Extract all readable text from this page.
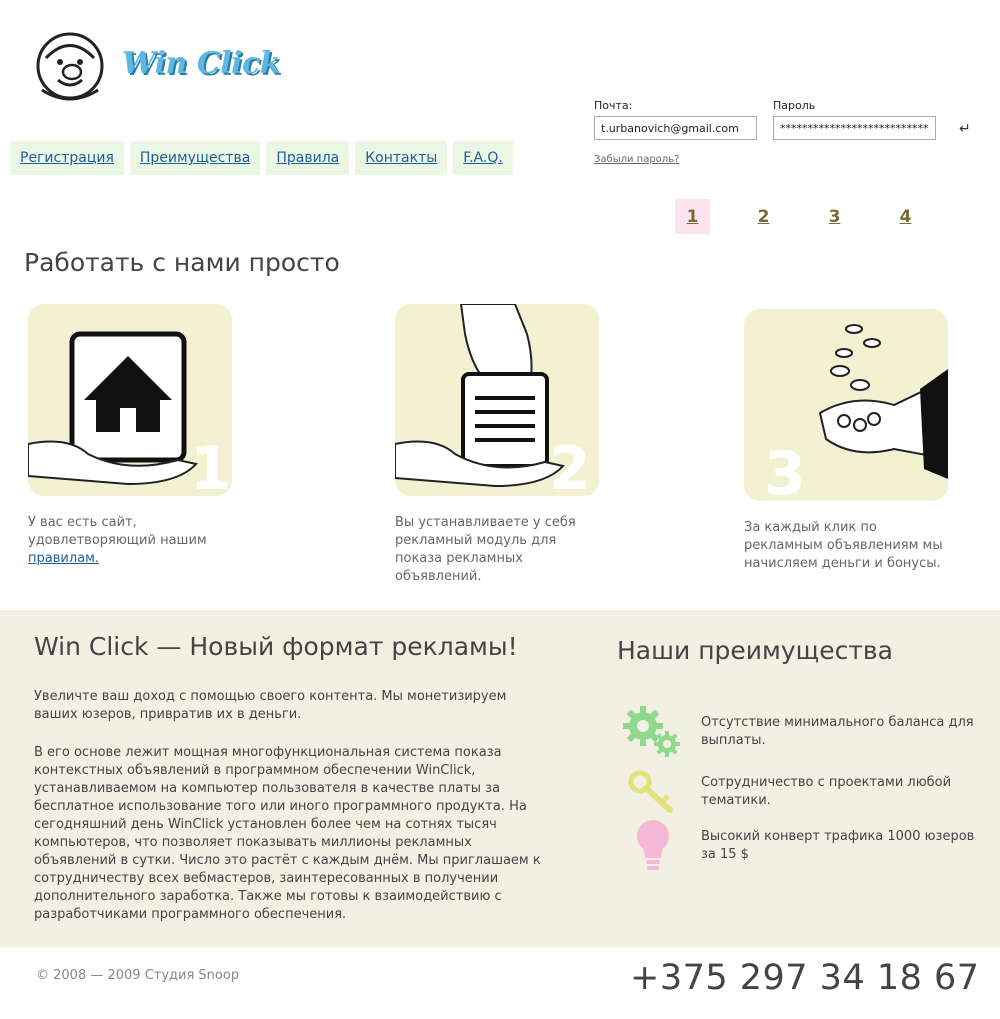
Win Click
Регистрация	Преимущества	Правила	Контакты	F.A.Q.
Почта:
t.urbanovich@gmail.com	Пароль
******************************
↵
Забыли пароль?
1	2	3	4
Работать с нами просто
1
У вас есть сайт, удовлетворяющий нашим правилам.
2
Вы устанавливаете у себя рекламный модуль для показа рекламных объявлений.
3
За каждый клик по рекламным объявлениям мы начисляем деньги и бонусы.
Win Click — Новый формат рекламы!
Увеличте ваш доход с помощью своего контента. Мы монетизируем ваших юзеров, привратив их в деньги.
В его основе лежит мощная многофункциональная система показа контекстных объявлений в программном обеспечении WinClick, устанавливаемом на компьютер пользователя в качестве платы за бесплатное использование того или иного программного продукта. На сегодняшний день WinClick установлен более чем на сотнях тысяч компьютеров, что позволяет показывать миллионы рекламных объявлений в сутки. Число это растёт с каждым днём. Мы приглашаем к сотрудничеству всех вебмастеров, заинтересованных в получении дополнительного заработка. Также мы готовы к взаимодействию с разработчиками программного обеспечения.
Наши преимущества
Отсутствие минимального баланса для выплаты.
Сотрудничество с проектами любой тематики.
Высокий конверт трафика 1000 юзеров за 15 $
© 2008 — 2009 Студия Snoop	+375 297 34 18 67
